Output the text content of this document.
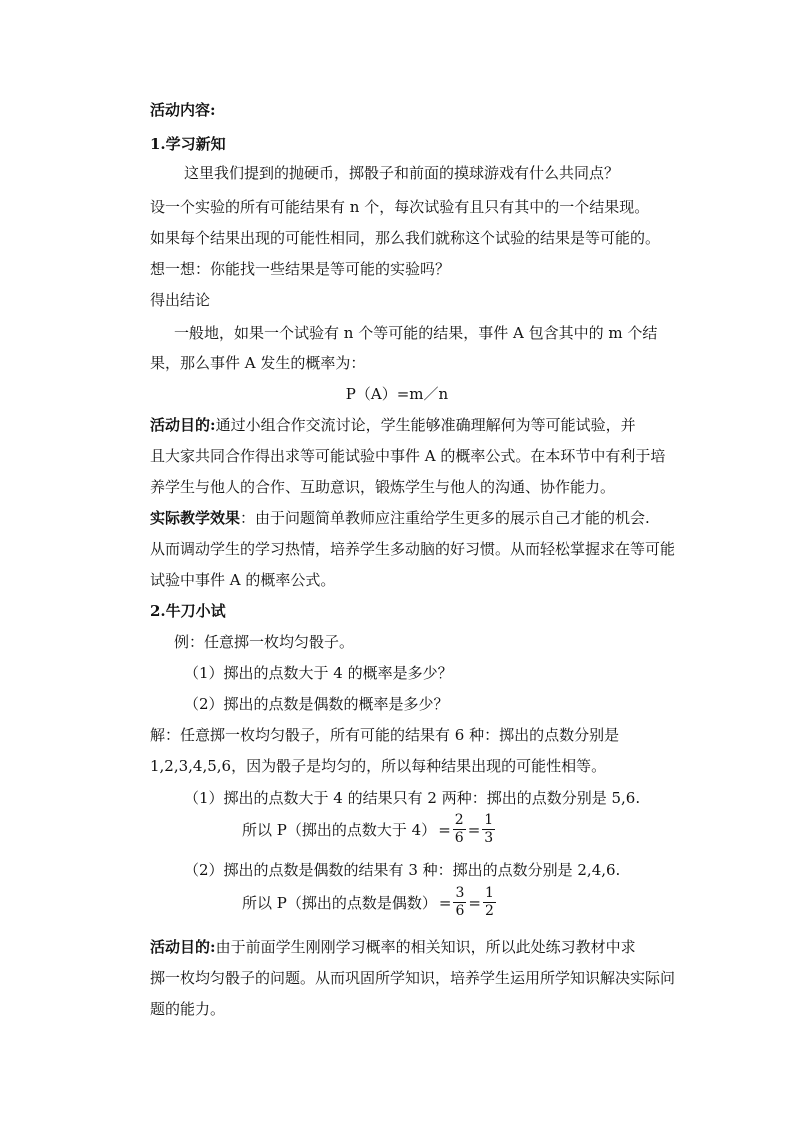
活动内容:
1.学习新知
这里我们提到的抛硬币，掷骰子和前面的摸球游戏有什么共同点？
设一个实验的所有可能结果有 n 个，每次试验有且只有其中的一个结果现。
如果每个结果出现的可能性相同，那么我们就称这个试验的结果是等可能的。
想一想：你能找一些结果是等可能的实验吗？
得出结论
一般地，如果一个试验有 n 个等可能的结果，事件 A 包含其中的 m 个结
果，那么事件 A 发生的概率为：
P（A）=m／n
活动目的:通过小组合作交流讨论，学生能够准确理解何为等可能试验，并
且大家共同合作得出求等可能试验中事件 A 的概率公式。在本环节中有利于培
养学生与他人的合作、互助意识，锻炼学生与他人的沟通、协作能力。
实际教学效果：由于问题简单教师应注重给学生更多的展示自己才能的机会.
从而调动学生的学习热情，培养学生多动脑的好习惯。从而轻松掌握求在等可能
试验中事件 A 的概率公式。
2.牛刀小试
例：任意掷一枚均匀骰子。
（1）掷出的点数大于 4 的概率是多少？
（2）掷出的点数是偶数的概率是多少？
解：任意掷一枚均匀骰子，所有可能的结果有 6 种：掷出的点数分别是
1,2,3,4,5,6，因为骰子是均匀的，所以每种结果出现的可能性相等。
（1）掷出的点数大于 4 的结果只有 2 两种：掷出的点数分别是 5,6.
所以 P（掷出的点数大于 $4) = \frac{2}{6} = \frac{1}{3}$
（2）掷出的点数是偶数的结果有 3 种：掷出的点数分别是 2,4,6.
所以 P（掷出的点数是偶数） = $\frac{3}{6} = \frac{1}{2}$
活动目的:由于前面学生刚刚学习概率的相关知识，所以此处练习教材中求
掷一枚均匀骰子的问题。从而巩固所学知识，培养学生运用所学知识解决实际问
题的能力。
